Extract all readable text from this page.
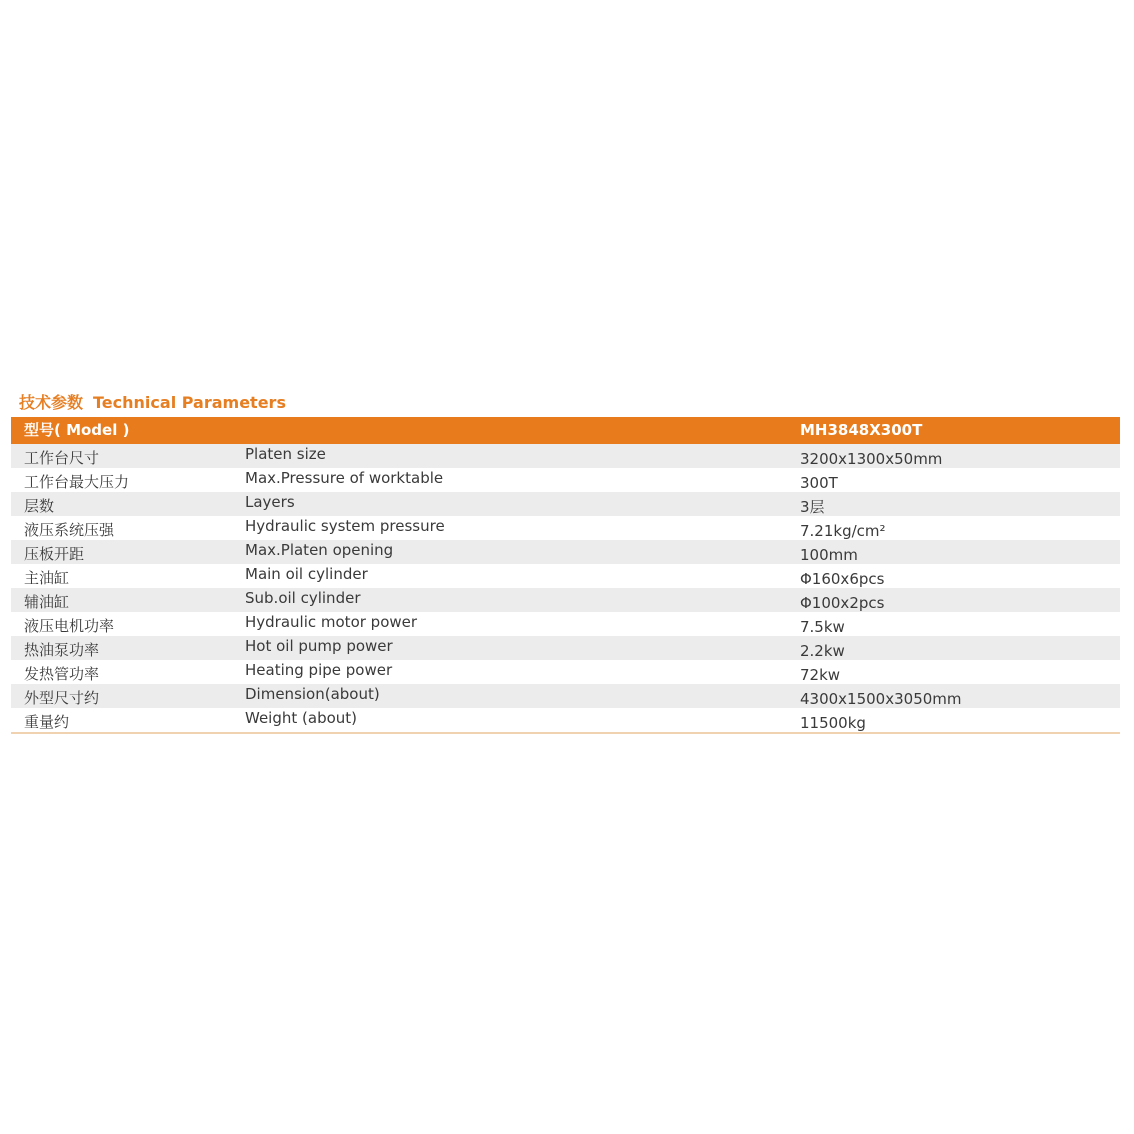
技术参数 Technical Parameters
型号( Model )	MH3848X300T
工作台尺寸	Platen size	3200x1300x50mm
工作台最大压力	Max.Pressure of worktable	300T
层数	Layers	3层
液压系统压强	Hydraulic system pressure	7.21kg/cm²
压板开距	Max.Platen opening	100mm
主油缸	Main oil cylinder	Φ160x6pcs
辅油缸	Sub.oil cylinder	Φ100x2pcs
液压电机功率	Hydraulic motor power	7.5kw
热油泵功率	Hot oil pump power	2.2kw
发热管功率	Heating pipe power	72kw
外型尺寸约	Dimension(about)	4300x1500x3050mm
重量约	Weight (about)	11500kg
